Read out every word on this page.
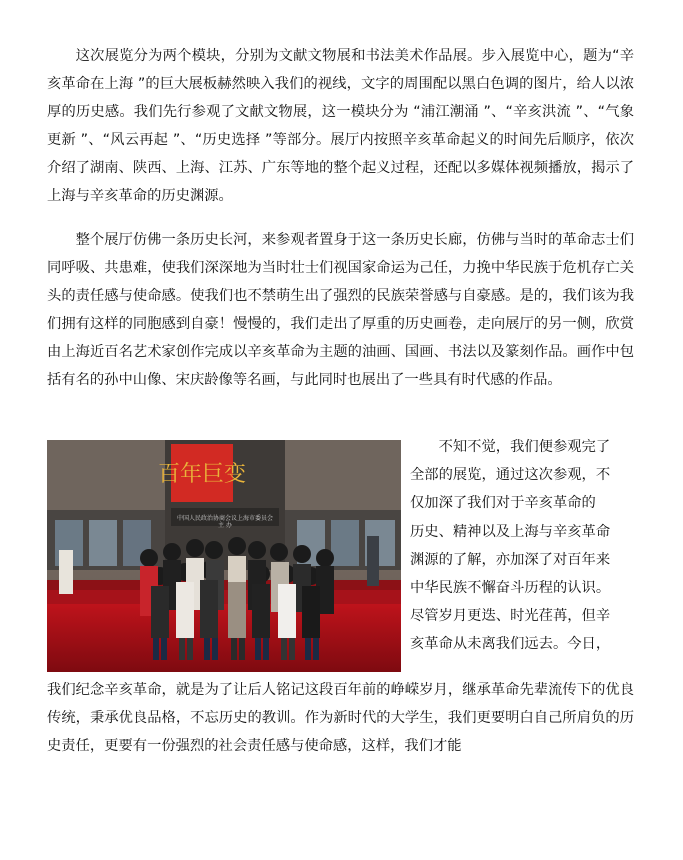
这次展览分为两个模块，分别为文献文物展和书法美术作品展。步入展览中心，题为“辛亥革命在上海 ”的巨大展板赫然映入我们的视线，文字的周围配以黑白色调的图片，给人以浓厚的历史感。我们先行参观了文献文物展，这一模块分为 “浦江潮涌 ”、“辛亥洪流 ”、“气象更新 ”、“风云再起 ”、“历史选择 ”等部分。展厅内按照辛亥革命起义的时间先后顺序，依次介绍了湖南、陕西、上海、江苏、广东等地的整个起义过程，还配以多媒体视频播放，揭示了上海与辛亥革命的历史渊源。
整个展厅仿佛一条历史长河，来参观者置身于这一条历史长廊，仿佛与当时的革命志士们同呼吸、共患难，使我们深深地为当时壮士们视国家命运为己任，力挽中华民族于危机存亡关头的责任感与使命感。使我们也不禁萌生出了强烈的民族荣誉感与自豪感。是的，我们该为我们拥有这样的同胞感到自豪！慢慢的，我们走出了厚重的历史画卷，走向展厅的另一侧，欣赏由上海近百名艺术家创作完成以辛亥革命为主题的油画、国画、书法以及篆刻作品。画作中包括有名的孙中山像、宋庆龄像等名画，与此同时也展出了一些具有时代感的作品。
百年巨变
中国人民政治协商会议上海市委员会主 办
　　不知不觉，我们便参观完了
全部的展览，通过这次参观，不
仅加深了我们对于辛亥革命的
历史、精神以及上海与辛亥革命
渊源的了解，亦加深了对百年来
中华民族不懈奋斗历程的认识。
尽管岁月更迭、时光荏苒，但辛
亥革命从未离我们远去。今日，
我们纪念辛亥革命，就是为了让后人铭记这段百年前的峥嵘岁月，继承革命先辈流传下的优良传统，秉承优良品格，不忘历史的教训。作为新时代的大学生，我们更要明白自己所肩负的历史责任，更要有一份强烈的社会责任感与使命感，这样，我们才能
